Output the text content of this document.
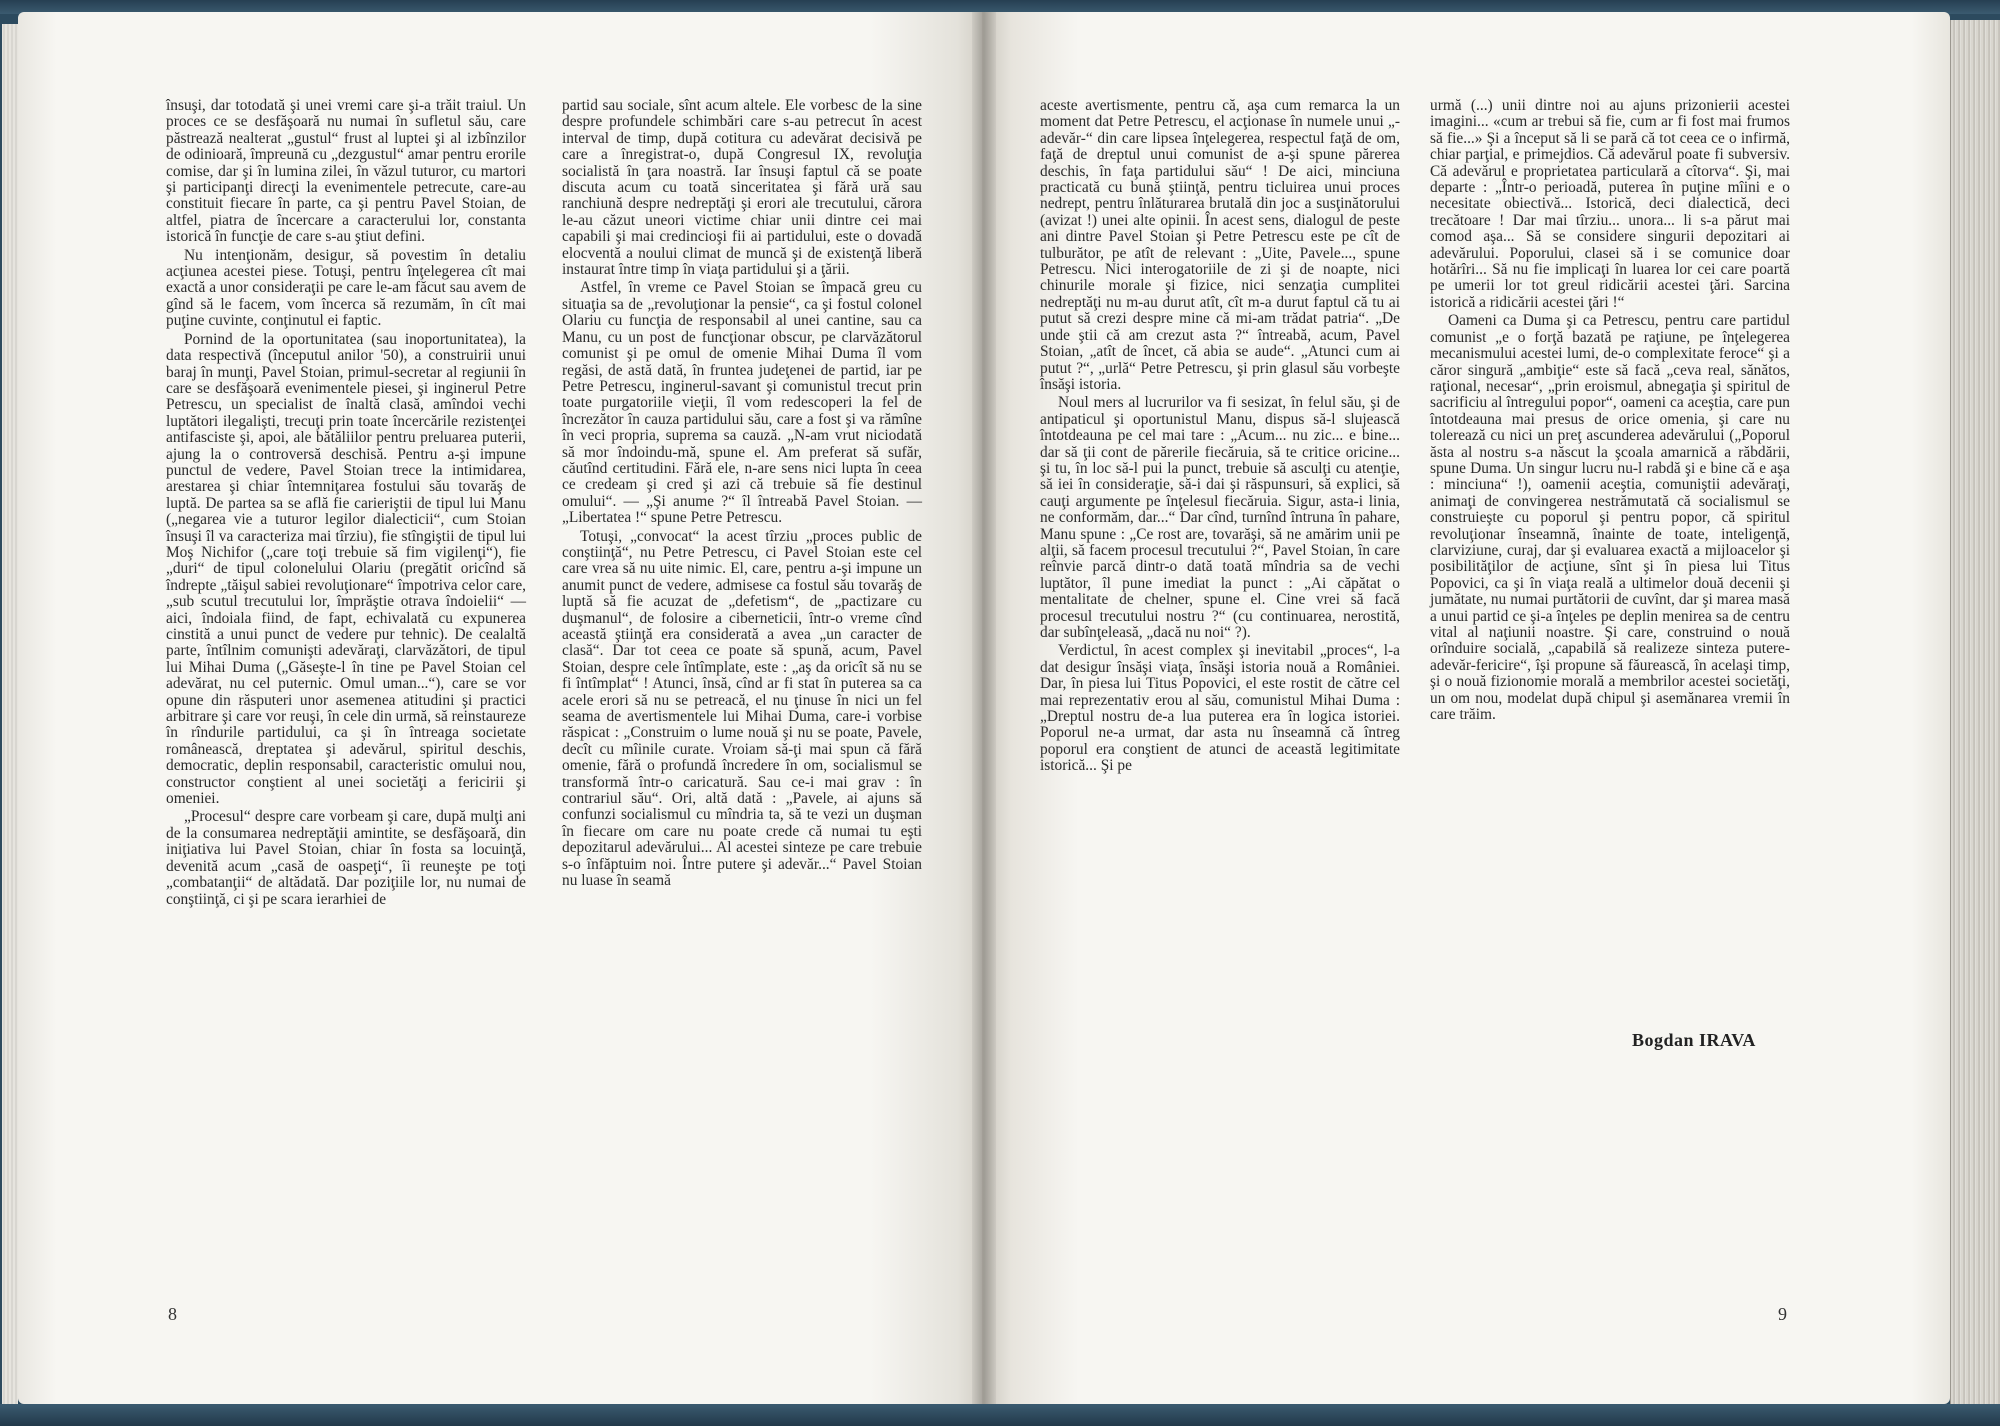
însuşi, dar totodată şi unei vremi care şi-a trăit traiul. Un proces ce se desfăşoară nu numai în sufletul său, care păstrează nealterat „gustul“ frust al luptei şi al izbînzilor de odinioară, împreună cu „dezgustul“ amar pentru erorile comise, dar şi în lumina zilei, în văzul tuturor, cu martori şi participanţi direcţi la evenimentele petrecute, care-au constituit fiecare în parte, ca şi pentru Pavel Stoian, de altfel, piatra de încercare a caracterului lor, constanta istorică în funcţie de care s-au ştiut defini.

Nu intenţionăm, desigur, să povestim în detaliu acţiunea acestei piese. Totuşi, pentru înţelegerea cît mai exactă a unor consideraţii pe care le-am făcut sau avem de gînd să le facem, vom încerca să rezumăm, în cît mai puţine cuvinte, conţinutul ei faptic.

Pornind de la oportunitatea (sau inoportunitatea), la data respectivă (începutul anilor '50), a construirii unui baraj în munţi, Pavel Stoian, primul-secretar al regiunii în care se desfăşoară evenimentele piesei, şi inginerul Petre Petrescu, un specialist de înaltă clasă, amîndoi vechi luptători ilegalişti, trecuţi prin toate încercările rezistenţei antifasciste şi, apoi, ale bătăliilor pentru preluarea puterii, ajung la o controversă deschisă. Pentru a-şi impune punctul de vedere, Pavel Stoian trece la intimidarea, arestarea şi chiar întemniţarea fostului său tovarăş de luptă. De partea sa se află fie carieriştii de tipul lui Manu („negarea vie a tuturor legilor dialecticii“, cum Stoian însuşi îl va caracteriza mai tîrziu), fie stîngiştii de tipul lui Moş Nichifor („care toţi trebuie să fim vigilenţi“), fie „duri“ de tipul colonelului Olariu (pregătit oricînd să îndrepte „tăişul sabiei revoluţionare“ împotriva celor care, „sub scutul trecutului lor, împrăştie otrava îndoielii“ — aici, îndoiala fiind, de fapt, echivalată cu expunerea cinstită a unui punct de vedere pur tehnic). De cealaltă parte, întîlnim comunişti adevăraţi, clarvăzători, de tipul lui Mihai Duma („Găseşte-l în tine pe Pavel Stoian cel adevărat, nu cel puternic. Omul uman...“), care se vor opune din răsputeri unor asemenea atitudini şi practici arbitrare şi care vor reuşi, în cele din urmă, să reinstaureze în rîndurile partidului, ca şi în întreaga societate românească, dreptatea şi adevărul, spiritul deschis, democratic, deplin responsabil, caracteristic omului nou, constructor conştient al unei societăţi a fericirii şi omeniei.

„Procesul“ despre care vorbeam şi care, după mulţi ani de la consumarea nedreptăţii amintite, se desfăşoară, din iniţiativa lui Pavel Stoian, chiar în fosta sa locuinţă, devenită acum „casă de oaspeţi“, îi reuneşte pe toţi „combatanţii“ de altădată. Dar poziţiile lor, nu numai de conştiinţă, ci şi pe scara ierarhiei de

partid sau sociale, sînt acum altele. Ele vorbesc de la sine despre profundele schimbări care s-au petrecut în acest interval de timp, după cotitura cu adevărat decisivă pe care a înregistrat-o, după Congresul IX, revoluţia socialistă în ţara noastră. Iar însuşi faptul că se poate discuta acum cu toată sinceritatea şi fără ură sau ranchiună despre nedreptăţi şi erori ale trecutului, cărora le-au căzut uneori victime chiar unii dintre cei mai capabili şi mai credincioşi fii ai partidului, este o dovadă elocventă a noului climat de muncă şi de existenţă liberă instaurat între timp în viaţa partidului şi a ţării.

Astfel, în vreme ce Pavel Stoian se împacă greu cu situaţia sa de „revoluţionar la pensie“, ca şi fostul colonel Olariu cu funcţia de responsabil al unei cantine, sau ca Manu, cu un post de funcţionar obscur, pe clarvăzătorul comunist şi pe omul de omenie Mihai Duma îl vom regăsi, de astă dată, în fruntea judeţenei de partid, iar pe Petre Petrescu, inginerul-savant şi comunistul trecut prin toate purgatoriile vieţii, îl vom redescoperi la fel de încrezător în cauza partidului său, care a fost şi va rămîne în veci propria, suprema sa cauză. „N-am vrut niciodată să mor îndoindu-mă, spune el. Am preferat să sufăr, căutînd certitudini. Fără ele, n-are sens nici lupta în ceea ce credeam şi cred şi azi că trebuie să fie destinul omului“. — „Şi anume ?“ îl întreabă Pavel Stoian. — „Libertatea !“ spune Petre Petrescu.

Totuşi, „convocat“ la acest tîrziu „proces public de conştiinţă“, nu Petre Petrescu, ci Pavel Stoian este cel care vrea să nu uite nimic. El, care, pentru a-şi impune un anumit punct de vedere, admisese ca fostul său tovarăş de luptă să fie acuzat de „defetism“, de „pactizare cu duşmanul“, de folosire a ciberneticii, într-o vreme cînd această ştiinţă era considerată a avea „un caracter de clasă“. Dar tot ceea ce poate să spună, acum, Pavel Stoian, despre cele întîmplate, este : „aş da oricît să nu se fi întîmplat“ ! Atunci, însă, cînd ar fi stat în puterea sa ca acele erori să nu se petreacă, el nu ţinuse în nici un fel seama de avertismentele lui Mihai Duma, care-i vorbise răspicat : „Construim o lume nouă şi nu se poate, Pavele, decît cu mîinile curate. Vroiam să-ţi mai spun că fără omenie, fără o profundă încredere în om, socialismul se transformă într-o caricatură. Sau ce-i mai grav : în contrariul său“. Ori, altă dată : „Pavele, ai ajuns să confunzi socialismul cu mîndria ta, să te vezi un duşman în fiecare om care nu poate crede că numai tu eşti depozitarul adevărului... Al acestei sinteze pe care trebuie s-o înfăptuim noi. Între putere şi adevăr...“ Pavel Stoian nu luase în seamă

8

aceste avertismente, pentru că, aşa cum remarca la un moment dat Petre Petrescu, el acţionase în numele unui „-adevăr-“ din care lipsea înţelegerea, respectul faţă de om, faţă de dreptul unui comunist de a-şi spune părerea deschis, în faţa partidului său“ ! De aici, minciuna practicată cu bună ştiinţă, pentru ticluirea unui proces nedrept, pentru înlăturarea brutală din joc a susţinătorului (avizat !) unei alte opinii. În acest sens, dialogul de peste ani dintre Pavel Stoian şi Petre Petrescu este pe cît de tulburător, pe atît de relevant : „Uite, Pavele..., spune Petrescu. Nici interogatoriile de zi şi de noapte, nici chinurile morale şi fizice, nici senzaţia cumplitei nedreptăţi nu m-au durut atît, cît m-a durut faptul că tu ai putut să crezi despre mine că mi-am trădat patria“. „De unde ştii că am crezut asta ?“ întreabă, acum, Pavel Stoian, „atît de încet, că abia se aude“. „Atunci cum ai putut ?“, „urlă“ Petre Petrescu, şi prin glasul său vorbeşte însăşi istoria.

Noul mers al lucrurilor va fi sesizat, în felul său, şi de antipaticul şi oportunistul Manu, dispus să-l slujească întotdeauna pe cel mai tare : „Acum... nu zic... e bine... dar să ţii cont de părerile fiecăruia, să te critice oricine... şi tu, în loc să-l pui la punct, trebuie să asculţi cu atenţie, să iei în consideraţie, să-i dai şi răspunsuri, să explici, să cauţi argumente pe înţelesul fiecăruia. Sigur, asta-i linia, ne conformăm, dar...“ Dar cînd, turnînd întruna în pahare, Manu spune : „Ce rost are, tovarăşi, să ne amărim unii pe alţii, să facem procesul trecutului ?“, Pavel Stoian, în care reînvie parcă dintr-o dată toată mîndria sa de vechi luptător, îl pune imediat la punct : „Ai căpătat o mentalitate de chelner, spune el. Cine vrei să facă procesul trecutului nostru ?“ (cu continuarea, nerostită, dar subînţeleasă, „dacă nu noi“ ?).

Verdictul, în acest complex şi inevitabil „proces“, l-a dat desigur însăşi viaţa, însăşi istoria nouă a României. Dar, în piesa lui Titus Popovici, el este rostit de către cel mai reprezentativ erou al său, comunistul Mihai Duma : „Dreptul nostru de-a lua puterea era în logica istoriei. Poporul ne-a urmat, dar asta nu înseamnă că întreg poporul era conştient de atunci de această legitimitate istorică... Şi pe

urmă (...) unii dintre noi au ajuns prizonierii acestei imagini... «cum ar trebui să fie, cum ar fi fost mai frumos să fie...» Şi a început să li se pară că tot ceea ce o infirmă, chiar parţial, e primejdios. Că adevărul poate fi subversiv. Că adevărul e proprietatea particulară a cîtorva“. Şi, mai departe : „Într-o perioadă, puterea în puţine mîini e o necesitate obiectivă... Istorică, deci dialectică, deci trecătoare ! Dar mai tîrziu... unora... li s-a părut mai comod aşa... Să se considere singurii depozitari ai adevărului. Poporului, clasei să i se comunice doar hotărîri... Să nu fie implicaţi în luarea lor cei care poartă pe umerii lor tot greul ridicării acestei ţări. Sarcina istorică a ridicării acestei ţări !“

Oameni ca Duma şi ca Petrescu, pentru care partidul comunist „e o forţă bazată pe raţiune, pe înţelegerea mecanismului acestei lumi, de-o complexitate feroce“ şi a căror singură „ambiţie“ este să facă „ceva real, sănătos, raţional, necesar“, „prin eroismul, abnegaţia şi spiritul de sacrificiu al întregului popor“, oameni ca aceştia, care pun întotdeauna mai presus de orice omenia, şi care nu tolerează cu nici un preţ ascunderea adevărului („Poporul ăsta al nostru s-a născut la şcoala amarnică a răbdării, spune Duma. Un singur lucru nu-l rabdă şi e bine că e aşa : minciuna“ !), oamenii aceştia, comuniştii adevăraţi, animaţi de convingerea nestrămutată că socialismul se construieşte cu poporul şi pentru popor, că spiritul revoluţionar înseamnă, înainte de toate, inteligenţă, clarviziune, curaj, dar şi evaluarea exactă a mijloacelor şi posibilităţilor de acţiune, sînt şi în piesa lui Titus Popovici, ca şi în viaţa reală a ultimelor două decenii şi jumătate, nu numai purtătorii de cuvînt, dar şi marea masă a unui partid ce şi-a înţeles pe deplin menirea sa de centru vital al naţiunii noastre. Şi care, construind o nouă orînduire socială, „capabilă să realizeze sinteza putere-adevăr-fericire“, îşi propune să făurească, în acelaşi timp, şi o nouă fizionomie morală a membrilor acestei societăţi, un om nou, modelat după chipul şi asemănarea vremii în care trăim.

Bogdan IRAVA
9
